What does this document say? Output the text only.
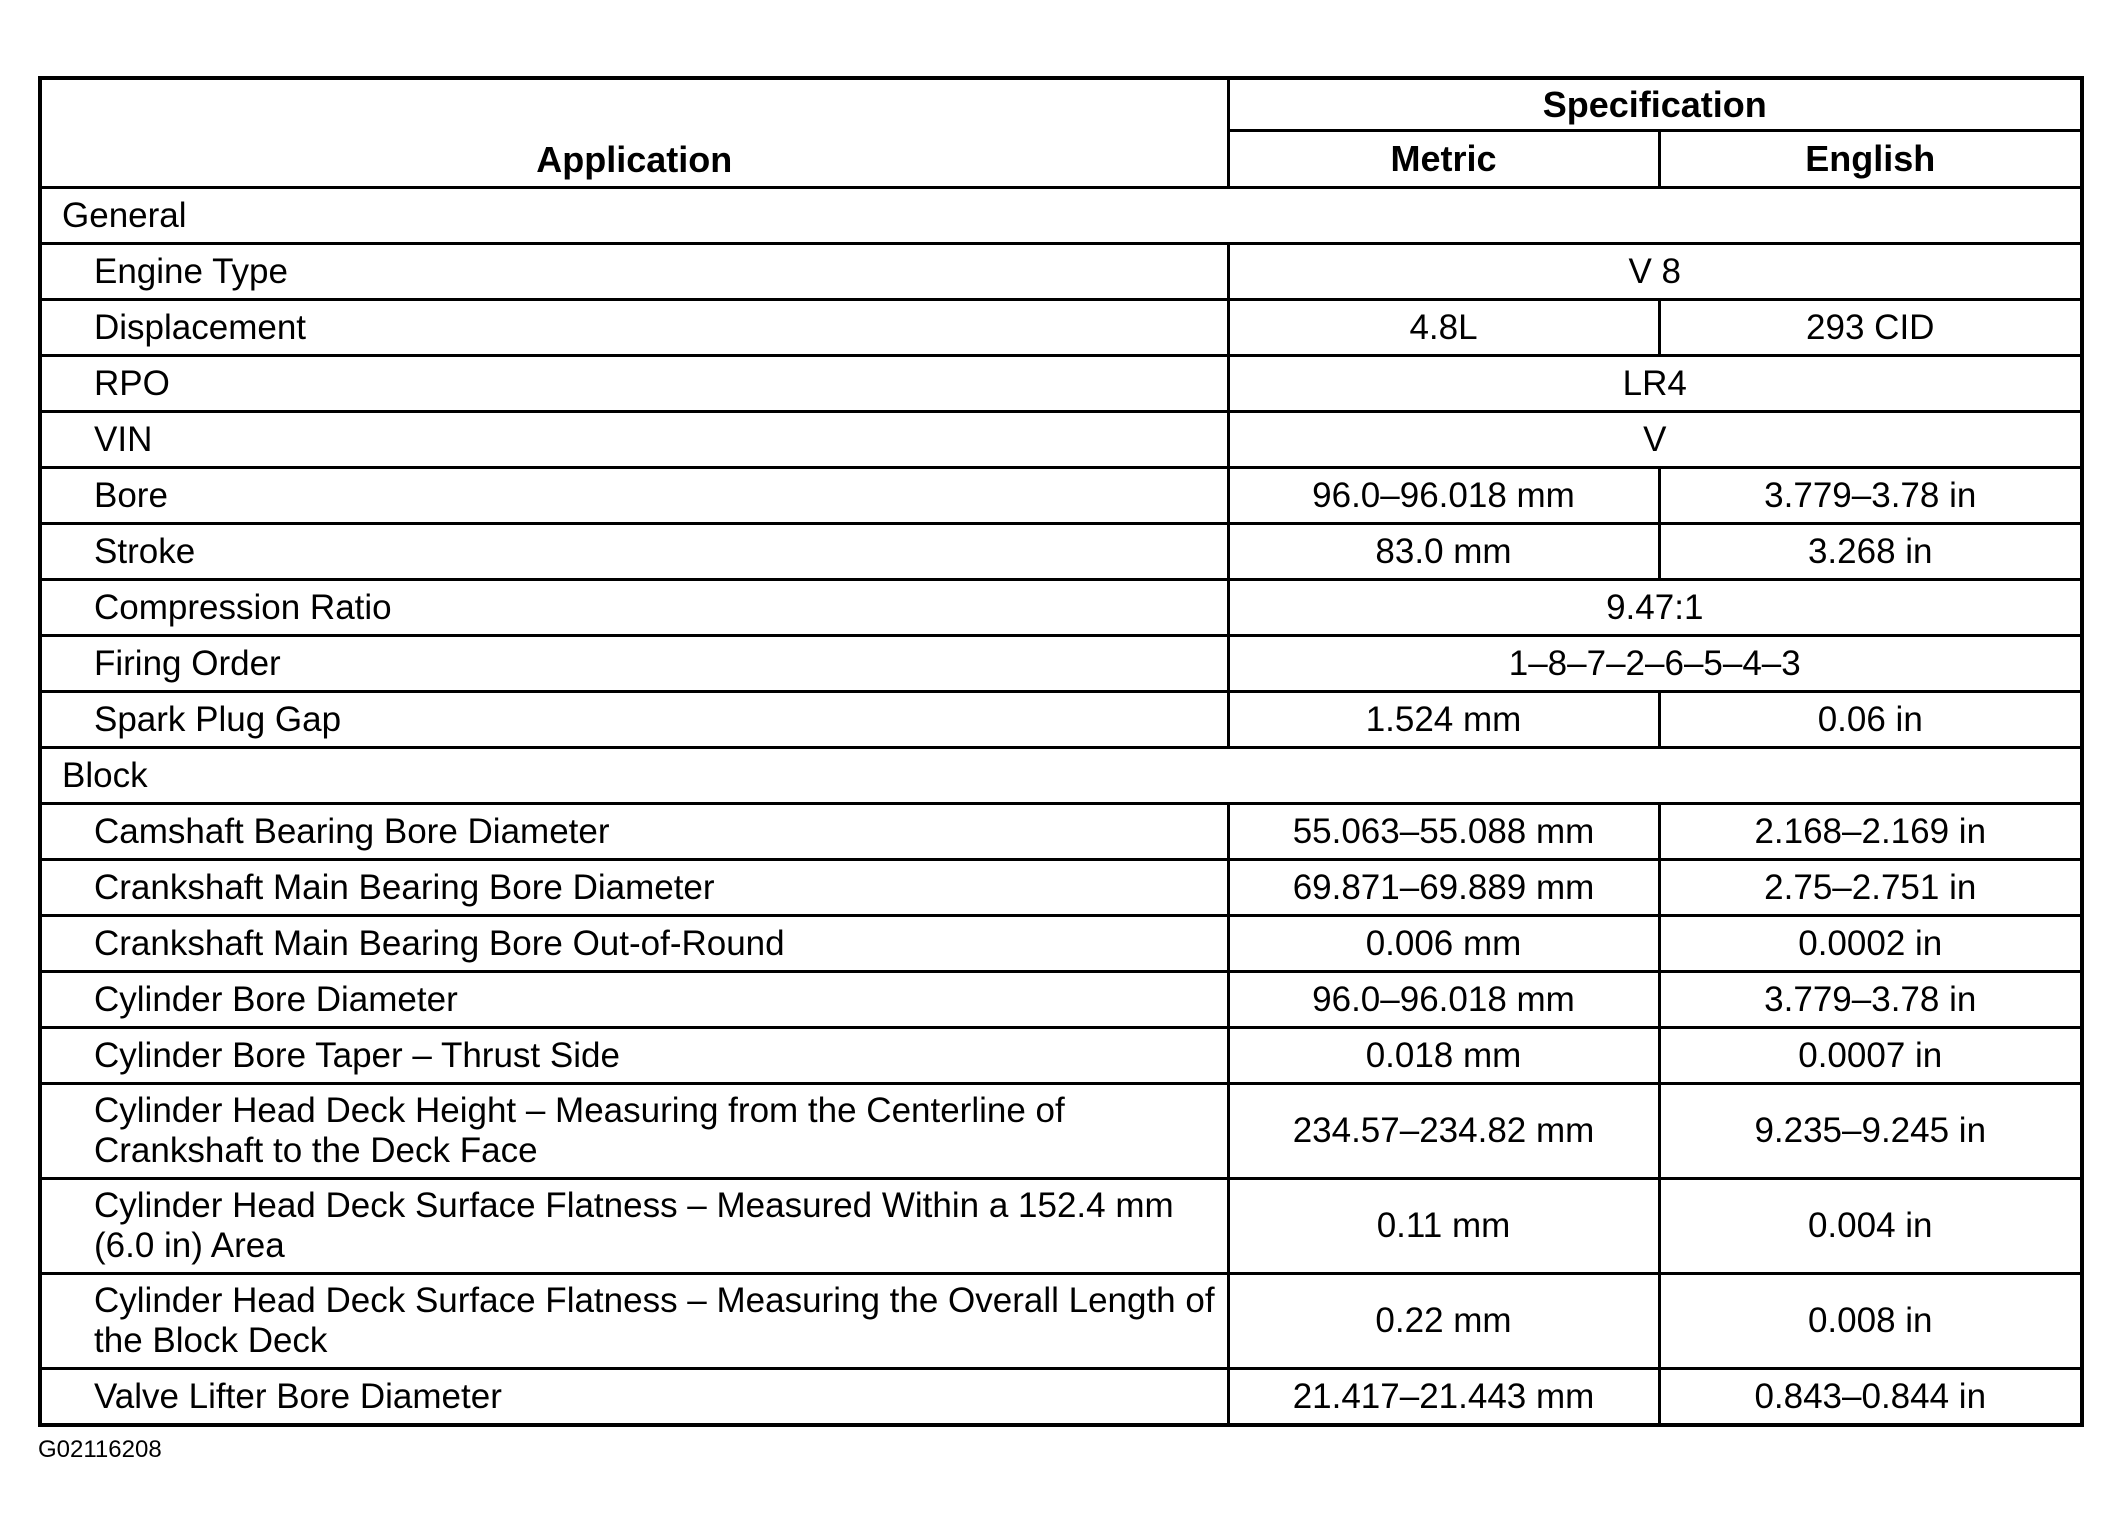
Application	Specification	
	Metric	English
General		
Engine Type	V 8	
Displacement	4.8L	293 CID
RPO	LR4	
VIN	V	
Bore	96.0–96.018 mm	3.779–3.78 in
Stroke	83.0 mm	3.268 in
Compression Ratio	9.47:1	
Firing Order	1–8–7–2–6–5–4–3	
Spark Plug Gap	1.524 mm	0.06 in
Block		
Camshaft Bearing Bore Diameter	55.063–55.088 mm	2.168–2.169 in
Crankshaft Main Bearing Bore Diameter	69.871–69.889 mm	2.75–2.751 in
Crankshaft Main Bearing Bore Out-of-Round	0.006 mm	0.0002 in
Cylinder Bore Diameter	96.0–96.018 mm	3.779–3.78 in
Cylinder Bore Taper – Thrust Side	0.018 mm	0.0007 in
Cylinder Head Deck Height – Measuring from the Centerline of Crankshaft to the Deck Face	234.57–234.82 mm	9.235–9.245 in
Cylinder Head Deck Surface Flatness – Measured Within a 152.4 mm (6.0 in) Area	0.11 mm	0.004 in
Cylinder Head Deck Surface Flatness – Measuring the Overall Length of the Block Deck	0.22 mm	0.008 in
Valve Lifter Bore Diameter	21.417–21.443 mm	0.843–0.844 in
G02116208
